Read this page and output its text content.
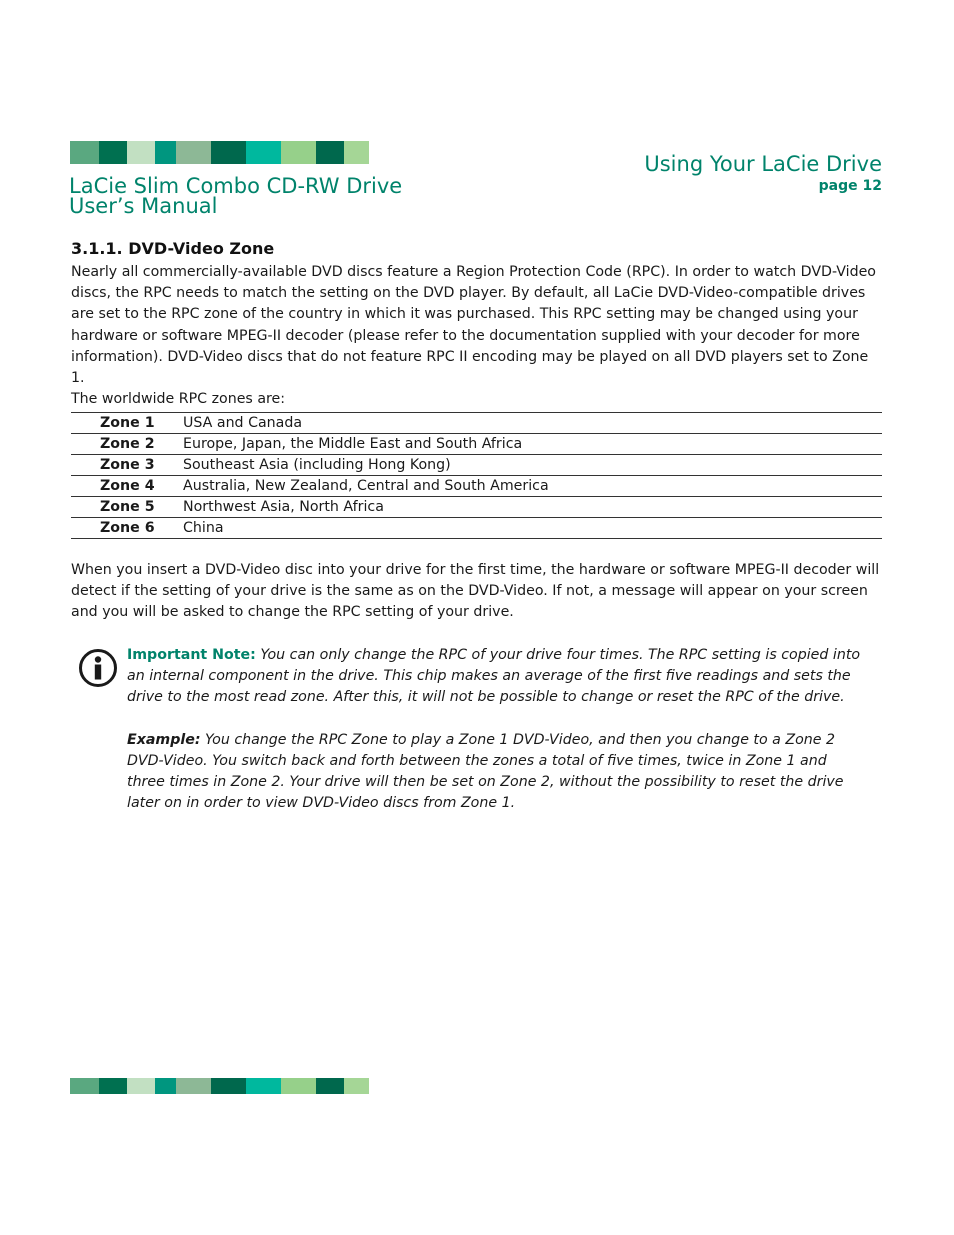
LaCie Slim Combo CD-RW Drive
User’s Manual
Using Your LaCie Drive
page 12
3.1.1. DVD-Video Zone

Nearly all commercially-available DVD discs feature a Region Protection Code (RPC). In order to watch DVD-Video discs, the RPC needs to match the setting on the DVD player. By default, all LaCie DVD-Video-compatible drives are set to the RPC zone of the country in which it was purchased. This RPC setting may be changed using your hardware or software MPEG-II decoder (please refer to the documentation supplied with your decoder for more information). DVD-Video discs that do not feature RPC II encoding may be played on all DVD players set to Zone 1.

The worldwide RPC zones are:

Zone 1	USA and Canada
Zone 2	Europe, Japan, the Middle East and South Africa
Zone 3	Southeast Asia (including Hong Kong)
Zone 4	Australia, New Zealand, Central and South America
Zone 5	Northwest Asia, North Africa
Zone 6	China

When you insert a DVD-Video disc into your drive for the first time, the hardware or software MPEG-II decoder will detect if the setting of your drive is the same as on the DVD-Video. If not, a message will appear on your screen and you will be asked to change the RPC setting of your drive.

Important Note: You can only change the RPC of your drive four times. The RPC setting is copied into an internal component in the drive. This chip makes an average of the first five readings and sets the drive to the most read zone. After this, it will not be possible to change or reset the RPC of the drive.

Example: You change the RPC Zone to play a Zone 1 DVD-Video, and then you change to a Zone 2 DVD-Video. You switch back and forth between the zones a total of five times, twice in Zone 1 and three times in Zone 2. Your drive will then be set on Zone 2, without the possibility to reset the drive later on in order to view DVD-Video discs from Zone 1.
